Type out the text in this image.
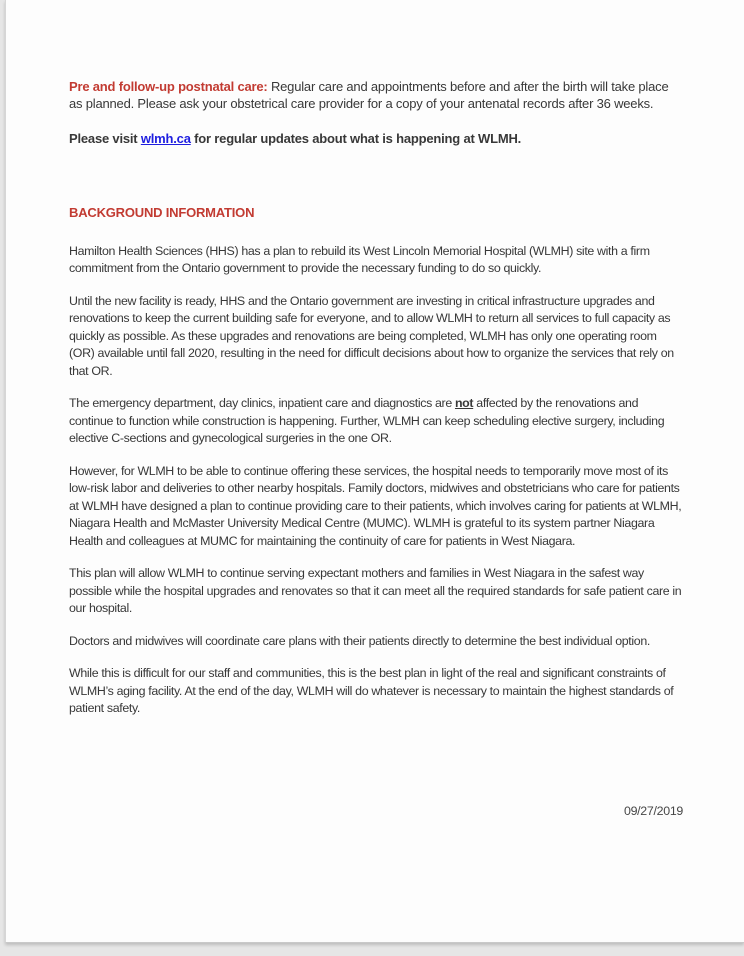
Pre and follow-up postnatal care: Regular care and appointments before and after the birth will take place as planned. Please ask your obstetrical care provider for a copy of your antenatal records after 36 weeks.

Please visit wlmh.ca for regular updates about what is happening at WLMH.

BACKGROUND INFORMATION

Hamilton Health Sciences (HHS) has a plan to rebuild its West Lincoln Memorial Hospital (WLMH) site with a firm commitment from the Ontario government to provide the necessary funding to do so quickly.

Until the new facility is ready, HHS and the Ontario government are investing in critical infrastructure upgrades and renovations to keep the current building safe for everyone, and to allow WLMH to return all services to full capacity as quickly as possible. As these upgrades and renovations are being completed, WLMH has only one operating room (OR) available until fall 2020, resulting in the need for difficult decisions about how to organize the services that rely on that OR.

The emergency department, day clinics, inpatient care and diagnostics are not affected by the renovations and continue to function while construction is happening. Further, WLMH can keep scheduling elective surgery, including elective C-sections and gynecological surgeries in the one OR.

However, for WLMH to be able to continue offering these services, the hospital needs to temporarily move most of its low-risk labor and deliveries to other nearby hospitals. Family doctors, midwives and obstetricians who care for patients at WLMH have designed a plan to continue providing care to their patients, which involves caring for patients at WLMH, Niagara Health and McMaster University Medical Centre (MUMC). WLMH is grateful to its system partner Niagara Health and colleagues at MUMC for maintaining the continuity of care for patients in West Niagara.

This plan will allow WLMH to continue serving expectant mothers and families in West Niagara in the safest way possible while the hospital upgrades and renovates so that it can meet all the required standards for safe patient care in our hospital.

Doctors and midwives will coordinate care plans with their patients directly to determine the best individual option.

While this is difficult for our staff and communities, this is the best plan in light of the real and significant constraints of WLMH’s aging facility. At the end of the day, WLMH will do whatever is necessary to maintain the highest standards of patient safety.

09/27/2019
